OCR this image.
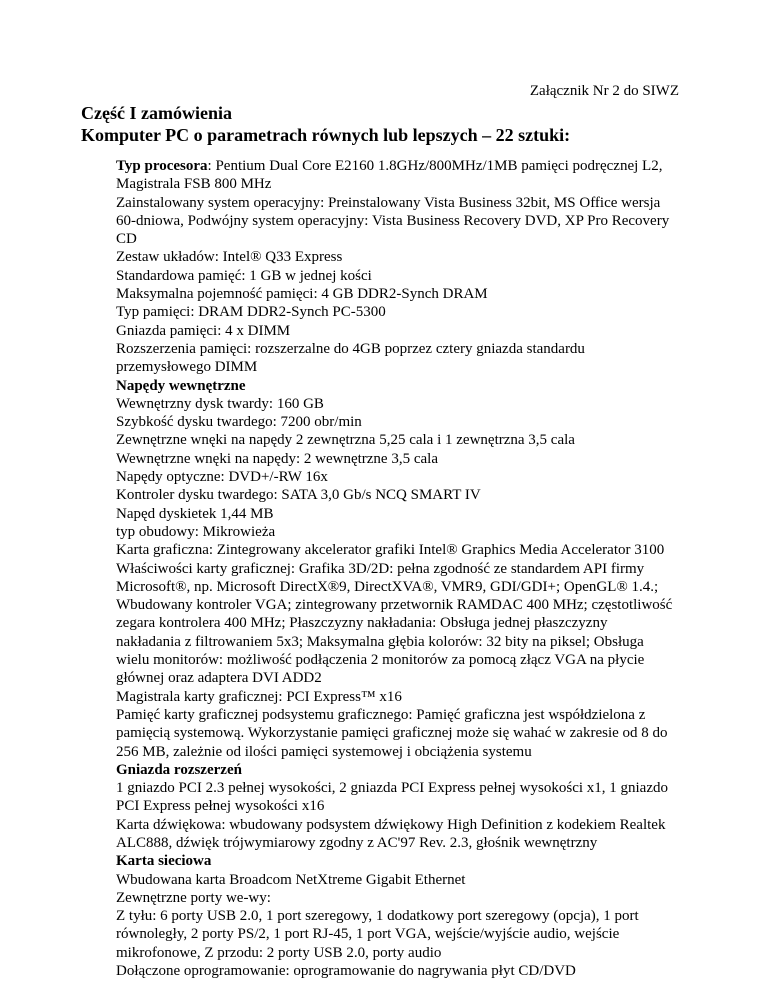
Załącznik Nr 2 do SIWZ
Część I zamówienia
Komputer PC o parametrach równych lub lepszych – 22 sztuki:

Typ procesora: Pentium Dual Core E2160 1.8GHz/800MHz/1MB pamięci podręcznej L2, Magistrala FSB 800 MHz

Zainstalowany system operacyjny: Preinstalowany Vista Business 32bit, MS Office wersja 60-dniowa, Podwójny system operacyjny: Vista Business Recovery DVD, XP Pro Recovery CD

Zestaw układów: Intel® Q33 Express

Standardowa pamięć: 1 GB w jednej kości

Maksymalna pojemność pamięci: 4 GB DDR2-Synch DRAM

Typ pamięci: DRAM DDR2-Synch PC-5300

Gniazda pamięci: 4 x DIMM

Rozszerzenia pamięci: rozszerzalne do 4GB poprzez cztery gniazda standardu przemysłowego DIMM

Napędy wewnętrzne

Wewnętrzny dysk twardy: 160 GB

Szybkość dysku twardego: 7200 obr/min

Zewnętrzne wnęki na napędy 2 zewnętrzna 5,25 cala i 1 zewnętrzna 3,5 cala

Wewnętrzne wnęki na napędy: 2 wewnętrzne 3,5 cala

Napędy optyczne: DVD+/-RW 16x

Kontroler dysku twardego: SATA 3,0 Gb/s NCQ SMART IV

Napęd dyskietek 1,44 MB

typ obudowy: Mikrowieża

Karta graficzna: Zintegrowany akcelerator grafiki Intel® Graphics Media Accelerator 3100

Właściwości karty graficznej: Grafika 3D/2D: pełna zgodność ze standardem API firmy Microsoft®, np. Microsoft DirectX®9, DirectXVA®, VMR9, GDI/GDI+; OpenGL® 1.4.; Wbudowany kontroler VGA; zintegrowany przetwornik RAMDAC 400 MHz; częstotliwość zegara kontrolera 400 MHz; Płaszczyzny nakładania: Obsługa jednej płaszczyzny nakładania z filtrowaniem 5x3; Maksymalna głębia kolorów: 32 bity na piksel; Obsługa wielu monitorów: możliwość podłączenia 2 monitorów za pomocą złącz VGA na płycie głównej oraz adaptera DVI ADD2

Magistrala karty graficznej: PCI Express™ x16

Pamięć karty graficznej podsystemu graficznego: Pamięć graficzna jest współdzielona z pamięcią systemową. Wykorzystanie pamięci graficznej może się wahać w zakresie od 8 do 256 MB, zależnie od ilości pamięci systemowej i obciążenia systemu

Gniazda rozszerzeń

1 gniazdo PCI 2.3 pełnej wysokości, 2 gniazda PCI Express pełnej wysokości x1, 1 gniazdo PCI Express pełnej wysokości x16

Karta dźwiękowa: wbudowany podsystem dźwiękowy High Definition z kodekiem Realtek ALC888, dźwięk trójwymiarowy zgodny z AC'97 Rev. 2.3, głośnik wewnętrzny

Karta sieciowa

Wbudowana karta Broadcom NetXtreme Gigabit Ethernet

Zewnętrzne porty we-wy:

Z tyłu: 6 porty USB 2.0, 1 port szeregowy, 1 dodatkowy port szeregowy (opcja), 1 port równoległy, 2 porty PS/2, 1 port RJ-45, 1 port VGA, wejście/wyjście audio, wejście mikrofonowe, Z przodu: 2 porty USB 2.0, porty audio

Dołączone oprogramowanie: oprogramowanie do nagrywania płyt CD/DVD
